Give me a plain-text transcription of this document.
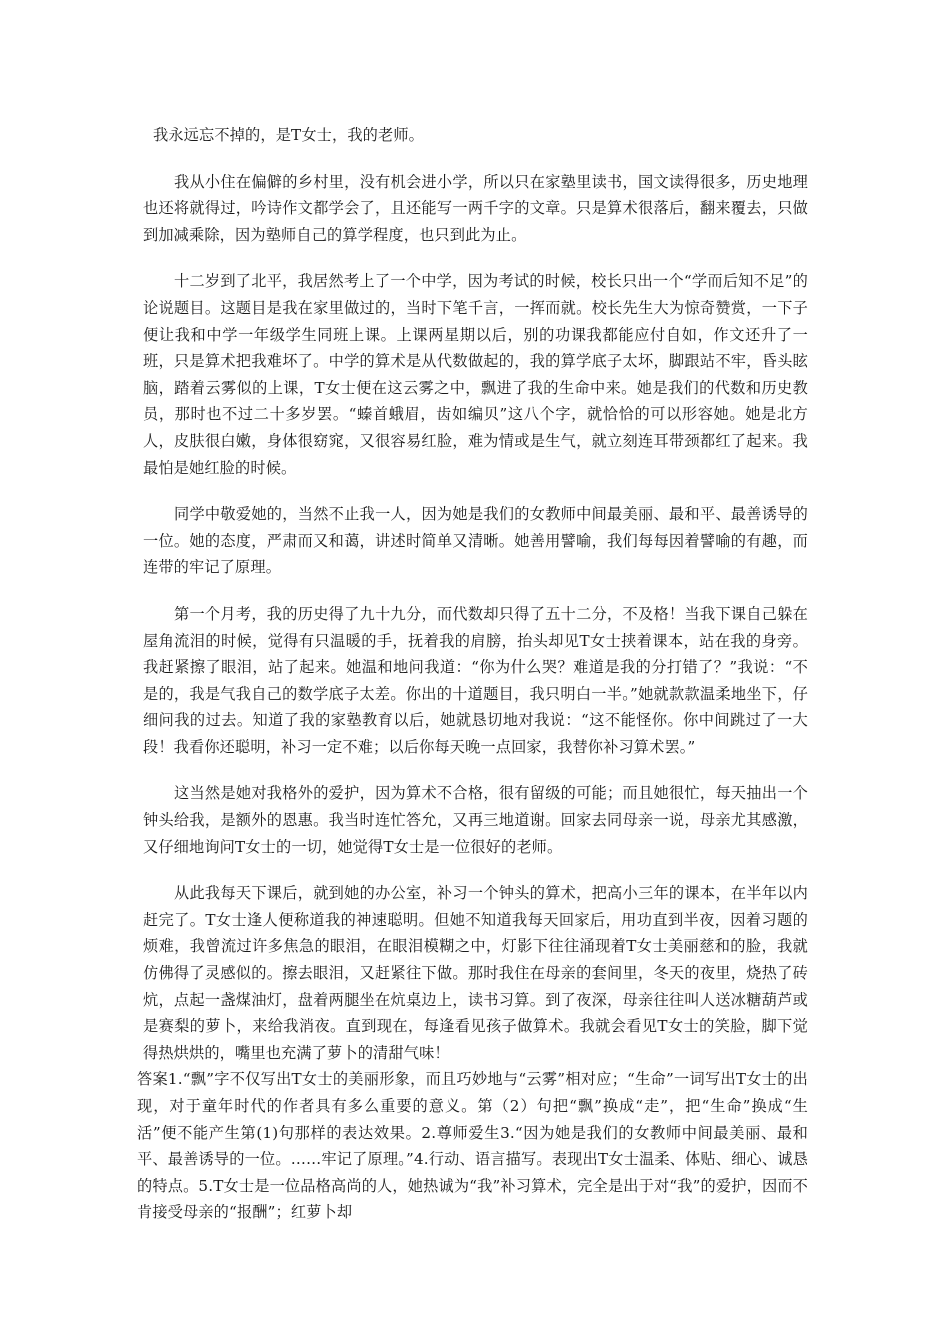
我永远忘不掉的，是T女士，我的老师。

我从小住在偏僻的乡村里，没有机会进小学，所以只在家塾里读书，国文读得很多，历史地理也还将就得过，吟诗作文都学会了，且还能写一两千字的文章。只是算术很落后，翻来覆去，只做到加减乘除，因为塾师自己的算学程度，也只到此为止。

十二岁到了北平，我居然考上了一个中学，因为考试的时候，校长只出一个“学而后知不足”的论说题目。这题目是我在家里做过的，当时下笔千言，一挥而就。校长先生大为惊奇赞赏，一下子便让我和中学一年级学生同班上课。上课两星期以后，别的功课我都能应付自如，作文还升了一班，只是算术把我难坏了。中学的算术是从代数做起的，我的算学底子太坏，脚跟站不牢，昏头眩脑，踏着云雾似的上课，T女士便在这云雾之中，飘进了我的生命中来。她是我们的代数和历史教员，那时也不过二十多岁罢。“螓首蛾眉，齿如编贝”这八个字，就恰恰的可以形容她。她是北方人，皮肤很白嫩，身体很窈窕，又很容易红脸，难为情或是生气，就立刻连耳带颈都红了起来。我最怕是她红脸的时候。

同学中敬爱她的，当然不止我一人，因为她是我们的女教师中间最美丽、最和平、最善诱导的一位。她的态度，严肃而又和蔼，讲述时简单又清晰。她善用譬喻，我们每每因着譬喻的有趣，而连带的牢记了原理。

第一个月考，我的历史得了九十九分，而代数却只得了五十二分，不及格！当我下课自己躲在屋角流泪的时候，觉得有只温暖的手，抚着我的肩膀，抬头却见T女士挟着课本，站在我的身旁。我赶紧擦了眼泪，站了起来。她温和地问我道：“你为什么哭？难道是我的分打错了？”我说：“不是的，我是气我自己的数学底子太差。你出的十道题目，我只明白一半。”她就款款温柔地坐下，仔细问我的过去。知道了我的家塾教育以后，她就恳切地对我说：“这不能怪你。你中间跳过了一大段！我看你还聪明，补习一定不难；以后你每天晚一点回家，我替你补习算术罢。”

这当然是她对我格外的爱护，因为算术不合格，很有留级的可能；而且她很忙，每天抽出一个钟头给我，是额外的恩惠。我当时连忙答允，又再三地道谢。回家去同母亲一说，母亲尤其感激，又仔细地询问T女士的一切，她觉得T女士是一位很好的老师。

从此我每天下课后，就到她的办公室，补习一个钟头的算术，把高小三年的课本，在半年以内赶完了。T女士逢人便称道我的神速聪明。但她不知道我每天回家后，用功直到半夜，因着习题的烦难，我曾流过许多焦急的眼泪，在眼泪模糊之中，灯影下往往涌现着T女士美丽慈和的脸，我就仿佛得了灵感似的。擦去眼泪，又赶紧往下做。那时我住在母亲的套间里，冬天的夜里，烧热了砖炕，点起一盏煤油灯，盘着两腿坐在炕桌边上，读书习算。到了夜深，母亲往往叫人送冰糖葫芦或是赛梨的萝卜，来给我消夜。直到现在，每逢看见孩子做算术。我就会看见T女士的笑脸，脚下觉得热烘烘的，嘴里也充满了萝卜的清甜气味！

答案1.“飘”字不仅写出T女士的美丽形象，而且巧妙地与“云雾”相对应；“生命”一词写出T女士的出现，对于童年时代的作者具有多么重要的意义。第（2）句把“飘”换成“走”，把“生命”换成“生活”便不能产生第(1)句那样的表达效果。2.尊师爱生3.“因为她是我们的女教师中间最美丽、最和平、最善诱导的一位。……牢记了原理。”4.行动、语言描写。表现出T女士温柔、体贴、细心、诚恳的特点。5.T女士是一位品格高尚的人，她热诚为“我”补习算术，完全是出于对“我”的爱护，因而不肯接受母亲的“报酬”；红萝卜却
